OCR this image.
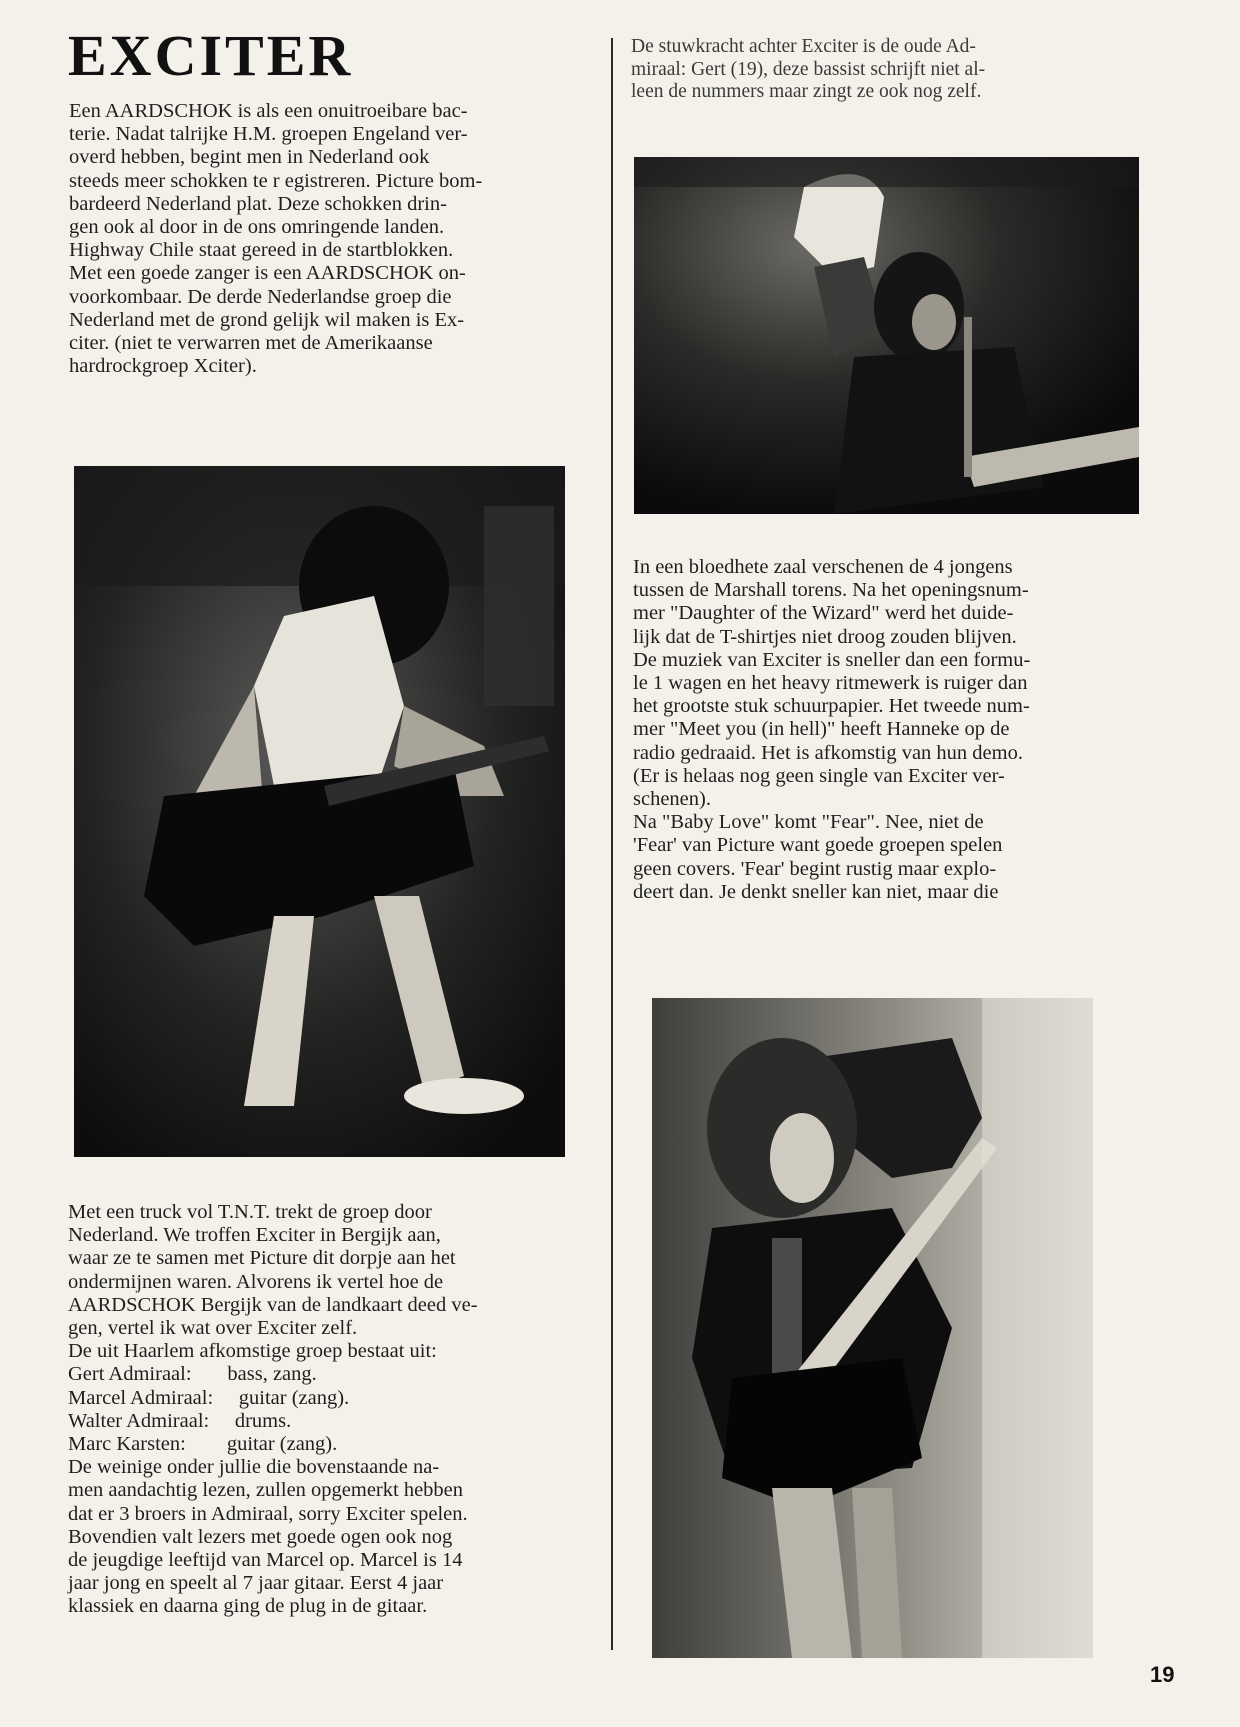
EXCITER
Een AARDSCHOK is als een onuitroeibare bac-
terie. Nadat talrijke H.M. groepen Engeland ver-
overd hebben, begint men in Nederland ook
steeds meer schokken te r egistreren. Picture bom-
bardeerd Nederland plat. Deze schokken drin-
gen ook al door in de ons omringende landen.
Highway Chile staat gereed in de startblokken.
Met een goede zanger is een AARDSCHOK on-
voorkombaar. De derde Nederlandse groep die
Nederland met de grond gelijk wil maken is Ex-
citer. (niet te verwarren met de Amerikaanse
hardrockgroep Xciter).
De stuwkracht achter Exciter is de oude Ad-
miraal: Gert (19), deze bassist schrijft niet al-
leen de nummers maar zingt ze ook nog zelf.
In een bloedhete zaal verschenen de 4 jongens
tussen de Marshall torens. Na het openingsnum-
mer "Daughter of the Wizard" werd het duide-
lijk dat de T-shirtjes niet droog zouden blijven.
De muziek van Exciter is sneller dan een formu-
le 1 wagen en het heavy ritmewerk is ruiger dan
het grootste stuk schuurpapier. Het tweede num-
mer "Meet you (in hell)" heeft Hanneke op de
radio gedraaid. Het is afkomstig van hun demo.
(Er is helaas nog geen single van Exciter ver-
schenen).
Na "Baby Love" komt "Fear". Nee, niet de
'Fear' van Picture want goede groepen spelen
geen covers. 'Fear' begint rustig maar explo-
deert dan. Je denkt sneller kan niet, maar die
Met een truck vol T.N.T. trekt de groep door
Nederland. We troffen Exciter in Bergijk aan,
waar ze te samen met Picture dit dorpje aan het
ondermijnen waren. Alvorens ik vertel hoe de
AARDSCHOK Bergijk van de landkaart deed ve-
gen, vertel ik wat over Exciter zelf.
De uit Haarlem afkomstige groep bestaat uit:
Gert Admiraal:       bass, zang.
Marcel Admiraal:     guitar (zang).
Walter Admiraal:     drums.
Marc Karsten:        guitar (zang).
De weinige onder jullie die bovenstaande na-
men aandachtig lezen, zullen opgemerkt hebben
dat er 3 broers in Admiraal, sorry Exciter spelen.
Bovendien valt lezers met goede ogen ook nog
de jeugdige leeftijd van Marcel op. Marcel is 14
jaar jong en speelt al 7 jaar gitaar. Eerst 4 jaar
klassiek en daarna ging de plug in de gitaar.
19
